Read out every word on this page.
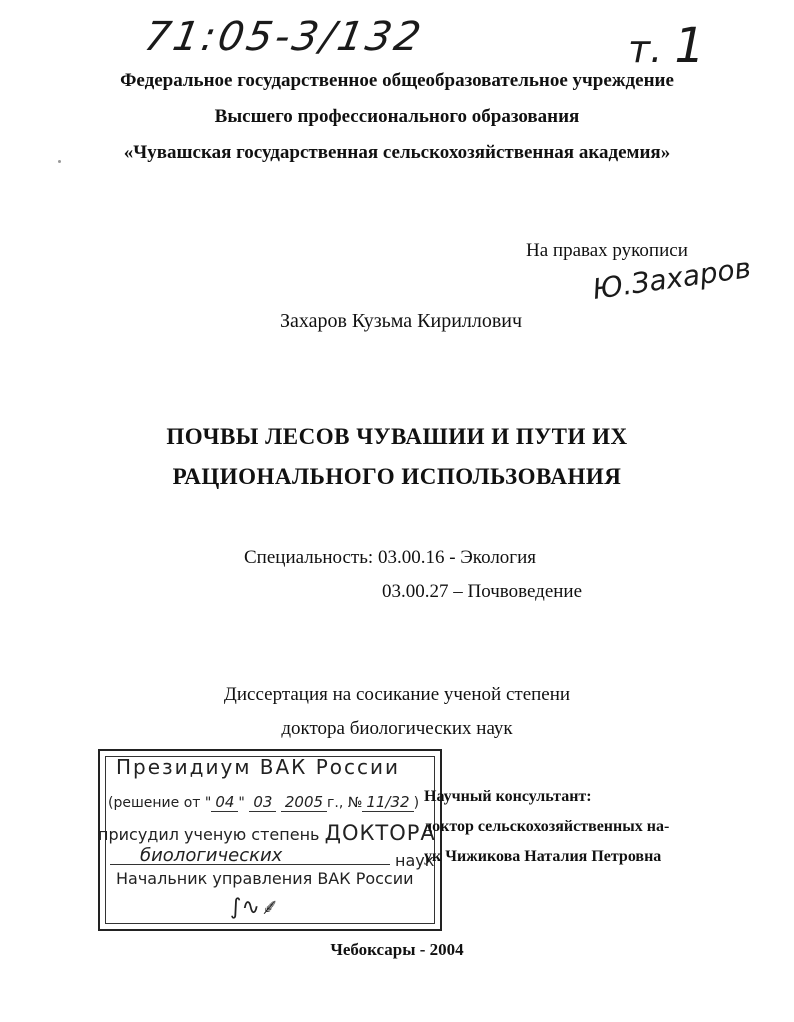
71:05-3/132	т. 1
Федеральное государственное общеобразовательное учреждение
Высшего профессионального образования
«Чувашская государственная сельскохозяйственная академия»
На правах рукописи
Ю.Захаров
Захаров Кузьма Кириллович
ПОЧВЫ ЛЕСОВ ЧУВАШИИ И ПУТИ ИХ
РАЦИОНАЛЬНОГО ИСПОЛЬЗОВАНИЯ
Специальность: 03.00.16 - Экология
03.00.27 – Почвоведение
Диссертация на сосикание ученой степени
доктора биологических наук
Президиум ВАК России
(решение от " 04 " 03 2005 г., № 11/32 )
присудил ученую степень ДОКТОРА
биологических	наук
Начальник управления ВАК России
∫∿⸙
Научный консультант:
доктор сельскохозяйственных на-
ук Чижикова Наталия Петровна
Чебоксары - 2004
